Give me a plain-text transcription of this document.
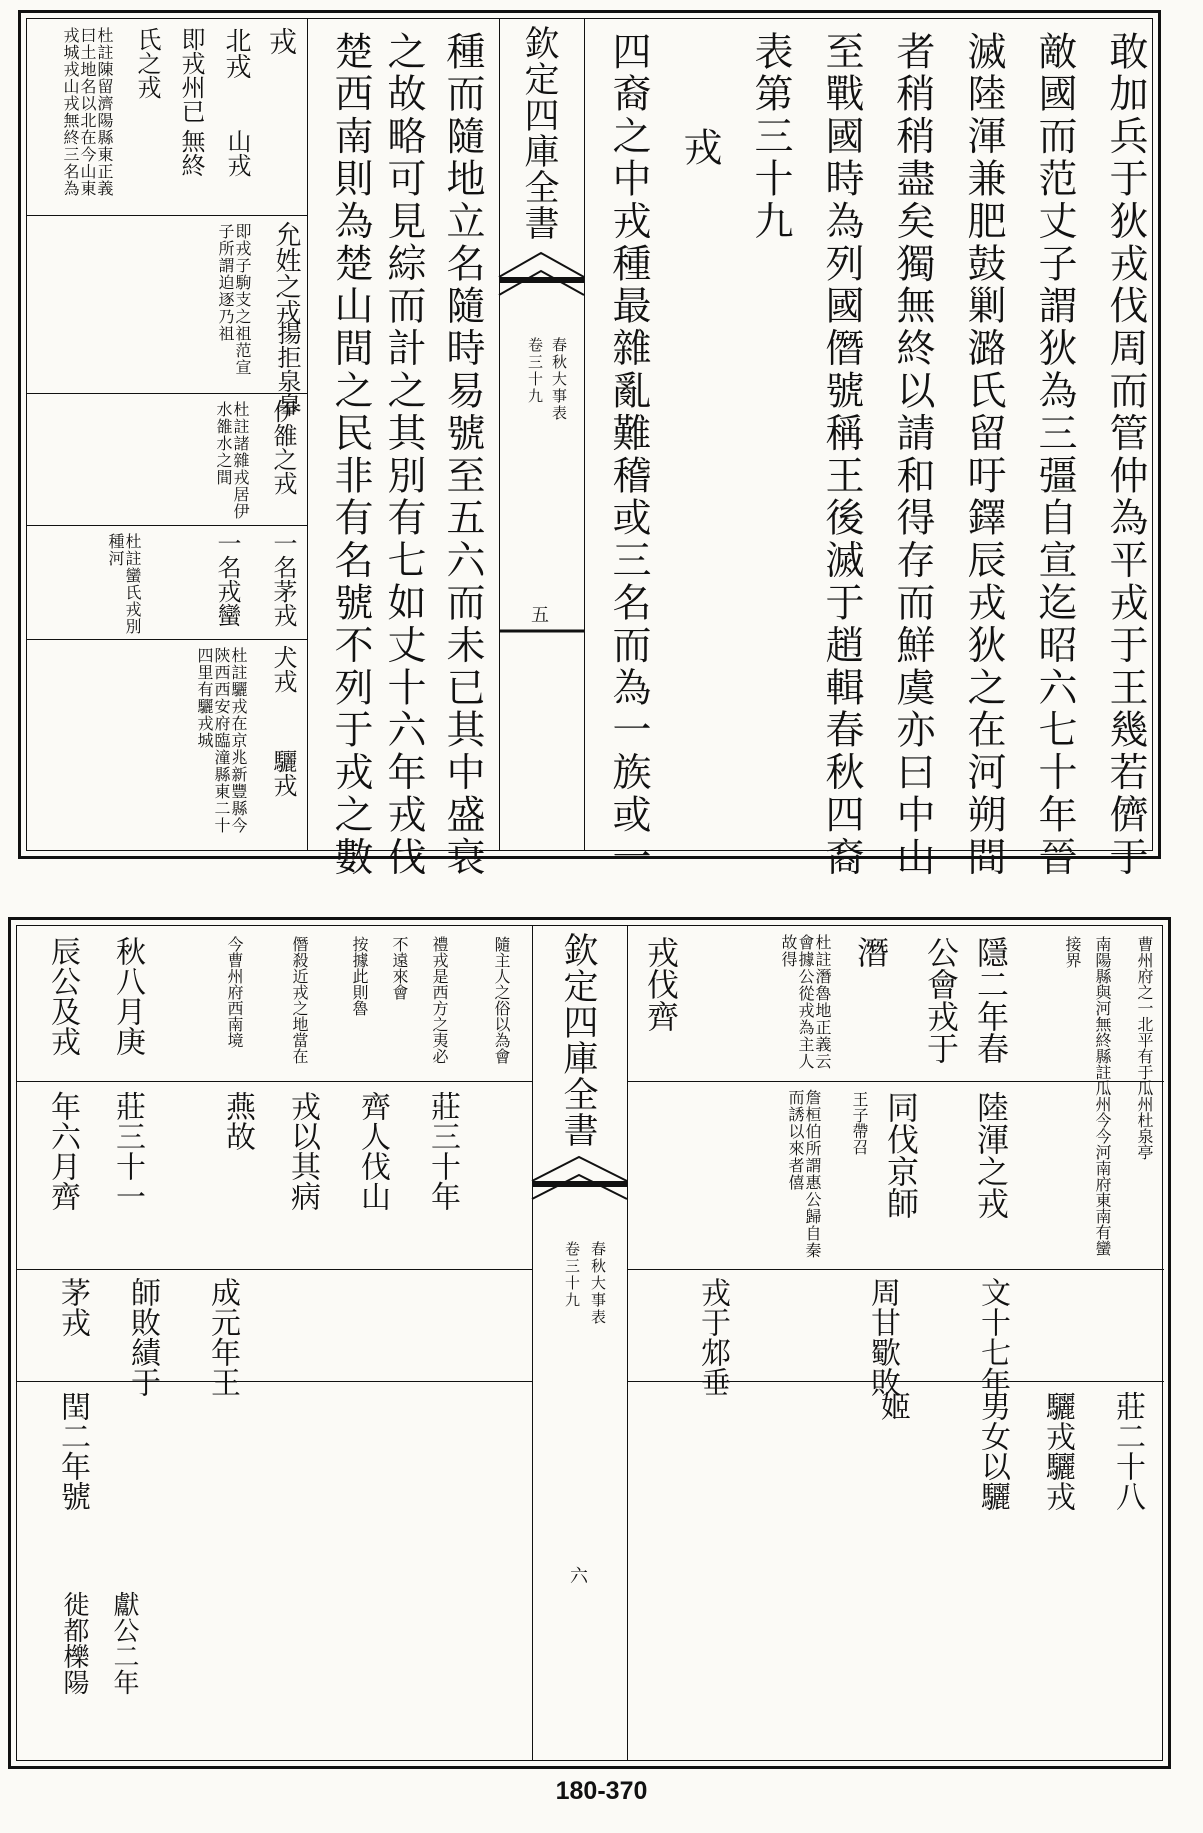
敢加兵于狄戎伐周而管仲為平戎于王幾若儕于
敵國而范丈子謂狄為三彊自宣迄昭六七十年晉
滅陸渾兼肥鼓剿潞氏留吁鐸辰戎狄之在河朔間
者稍稍盡矣獨無終以請和得存而鮮虞亦曰中山
至戰國時為列國僭號稱王後滅于趙輯春秋四裔
表第三十九
戎
四裔之中戎種最雜亂難稽或三名而為一族或一
欽定四庫全書
春秋大事表
卷三十九
五
種而隨地立名隨時易號至五六而未已其中盛衰
之故略可見綜而計之其別有七如丈十六年戎伐
楚西南則為楚山間之民非有名號不列于戎之數
戎
北戎
山戎
即戎州已
無終
氏之戎
杜註陳留濟陽縣東正義曰土地名以北在今山東戎城戎山戎無終三名為
允姓之戎
揚拒泉皋
即戎子駒支之祖范宣子所謂迫逐乃祖
伊雒之戎
杜註諸雜戎居伊水雒水之間
一名茅戎
一名戎蠻
杜註蠻氏戎別種河
犬戎
驪戎
杜註驪戎在京兆新豐縣今陝西西安府臨潼縣東二十四里有驪戎城
曹州府之一北平有于瓜州杜泉亭
南陽縣與河無終縣註瓜州今今河南府東南有蠻
接界
隱二年春
公會戎于
潛
杜註潛魯地正義云會據公從戎為主人故得
戎伐齊
陸渾之戎
同伐京師
王子帶召
詹桓伯所謂惠公歸自秦而誘以來者僖
文十七年
周甘歜敗
戎于邥垂
莊二十八
驪戎驪戎
男女以驪
姬
欽定四庫全書
春秋大事表
卷三十九
六
隨主人之俗以為會
禮戎是西方之夷必
不遠來會
按據此則魯
僭殺近戎之地當在
今曹州府西南境
秋八月庚
辰公及戎
莊三十年
齊人伐山
戎以其病
燕故
莊三十一
年六月齊
成元年王
師敗績于
茅戎
閏二年號
獻公二年
徙都櫟陽
180-370
